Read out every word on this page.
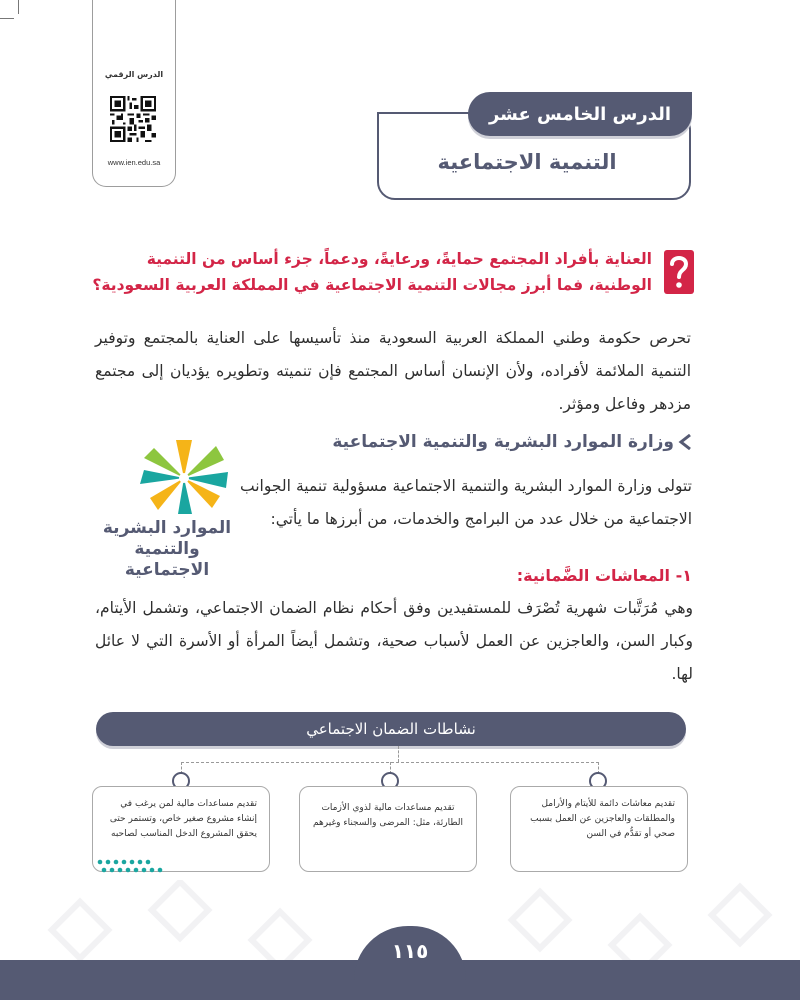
الدرس الرقمي
www.ien.edu.sa
الدرس الخامس عشر
التنمية الاجتماعية
العناية بأفراد المجتمع حمايةً، ورعايةً، ودعماً، جزء أساس من التنمية الوطنية، فما أبرز مجالات التنمية الاجتماعية في المملكة العربية السعودية؟
تحرص حكومة وطني المملكة العربية السعودية منذ تأسيسها على العناية بالمجتمع وتوفير التنمية الملائمة لأفراده، ولأن الإنسان أساس المجتمع فإن تنميته وتطويره يؤديان إلى مجتمع مزدهر وفاعل ومؤثر.
وزارة الموارد البشرية والتنمية الاجتماعية
الموارد البشرية
والتنمية الاجتماعية
تتولى وزارة الموارد البشرية والتنمية الاجتماعية مسؤولية تنمية الجوانب الاجتماعية من خلال عدد من البرامج والخدمات، من أبرزها ما يأتي:
١- المعاشات الضَّمانية:
وهي مُرَتَّبات شهرية تُصْرَف للمستفيدين وفق أحكام نظام الضمان الاجتماعي، وتشمل الأيتام، وكبار السن، والعاجزين عن العمل لأسباب صحية، وتشمل أيضاً المرأة أو الأسرة التي لا عائل لها.
نشاطات الضمان الاجتماعي
تقديم معاشات دائمة للأيتام والأرامل والمطلقات والعاجزين عن العمل بسبب صحي أو تقدُّم في السن
تقديم مساعدات مالية لذوي الأزمات الطارئة، مثل: المرضى والسجناء وغيرهم
تقديم مساعدات مالية لمن يرغب في إنشاء مشروع صغير خاص، وتستمر حتى يحقق المشروع الدخل المناسب لصاحبه
١١٥
